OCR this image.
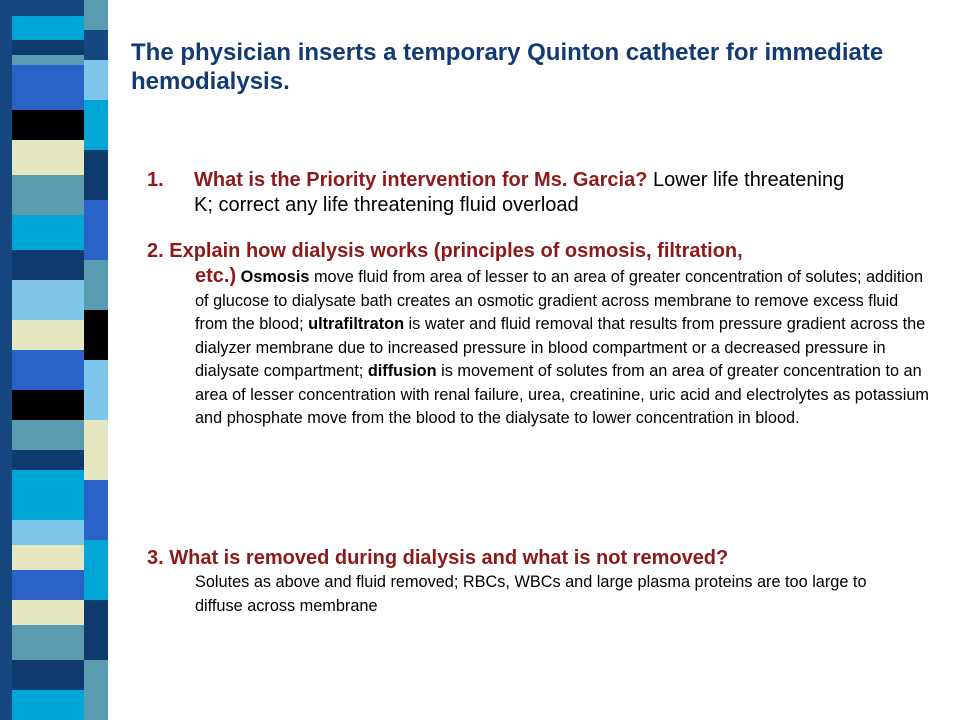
The physician inserts a temporary Quinton catheter for immediate hemodialysis.
1. What is the Priority intervention for Ms. Garcia? Lower life threatening K; correct any life threatening fluid overload
2. Explain how dialysis works (principles of osmosis, filtration,
etc.) Osmosis move fluid from area of lesser to an area of greater concentration of solutes; addition of glucose to dialysate bath creates an osmotic gradient across membrane to remove excess fluid from the blood; ultrafiltraton is water and fluid removal that results from pressure gradient across the dialyzer membrane due to increased pressure in blood compartment or a decreased pressure in dialysate compartment; diffusion is movement of solutes from an area of greater concentration to an area of lesser concentration with renal failure, urea, creatinine, uric acid and electrolytes as potassium and phosphate move from the blood to the dialysate to lower concentration in blood.
3. What is removed during dialysis and what is not removed?
Solutes as above and fluid removed; RBCs, WBCs and large plasma proteins are too large to diffuse across membrane
